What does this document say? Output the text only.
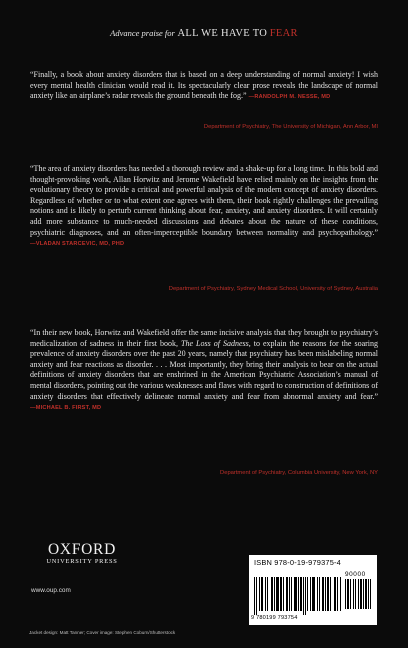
Advance praise for ALL WE HAVE TO FEAR
“Finally, a book about anxiety disorders that is based on a deep understanding of normal anxiety! I wish every mental health clinician would read it. Its spectacularly clear prose reveals the landscape of normal anxiety like an airplane’s radar reveals the ground beneath the fog.” —RANDOLPH M. NESSE, MD
Department of Psychiatry, The University of Michigan, Ann Arbor, MI
“The area of anxiety disorders has needed a thorough review and a shake-up for a long time. In this bold and thought-provoking work, Allan Horwitz and Jerome Wakefield have relied mainly on the insights from the evolutionary theory to provide a critical and powerful analysis of the modern concept of anxiety disorders. Regardless of whether or to what extent one agrees with them, their book rightly challenges the prevailing notions and is likely to perturb current thinking about fear, anxiety, and anxiety disorders. It will certainly add more substance to much-needed discussions and debates about the nature of these conditions, psychiatric diagnoses, and an often-imperceptible boundary between normality and psychopathology.” —VLADAN STARCEVIC, MD, PHD
Department of Psychiatry, Sydney Medical School, University of Sydney, Australia
“In their new book, Horwitz and Wakefield offer the same incisive analysis that they brought to psychiatry’s medicalization of sadness in their first book, The Loss of Sadness, to explain the reasons for the soaring prevalence of anxiety disorders over the past 20 years, namely that psychiatry has been mislabeling normal anxiety and fear reactions as disorder. . . . Most importantly, they bring their analysis to bear on the actual definitions of anxiety disorders that are enshrined in the American Psychiatric Association’s manual of mental disorders, pointing out the various weaknesses and flaws with regard to construction of definitions of anxiety disorders that effectively delineate normal anxiety and fear from abnormal anxiety and fear.” —MICHAEL B. FIRST, MD
Department of Psychiatry, Columbia University, New York, NY
OXFORD
UNIVERSITY PRESS
www.oup.com
ISBN 978-0-19-979375-4
90000
9 780199 793754
Jacket design: Matt Tanner; Cover image: Stephen Coburn/Shutterstock
